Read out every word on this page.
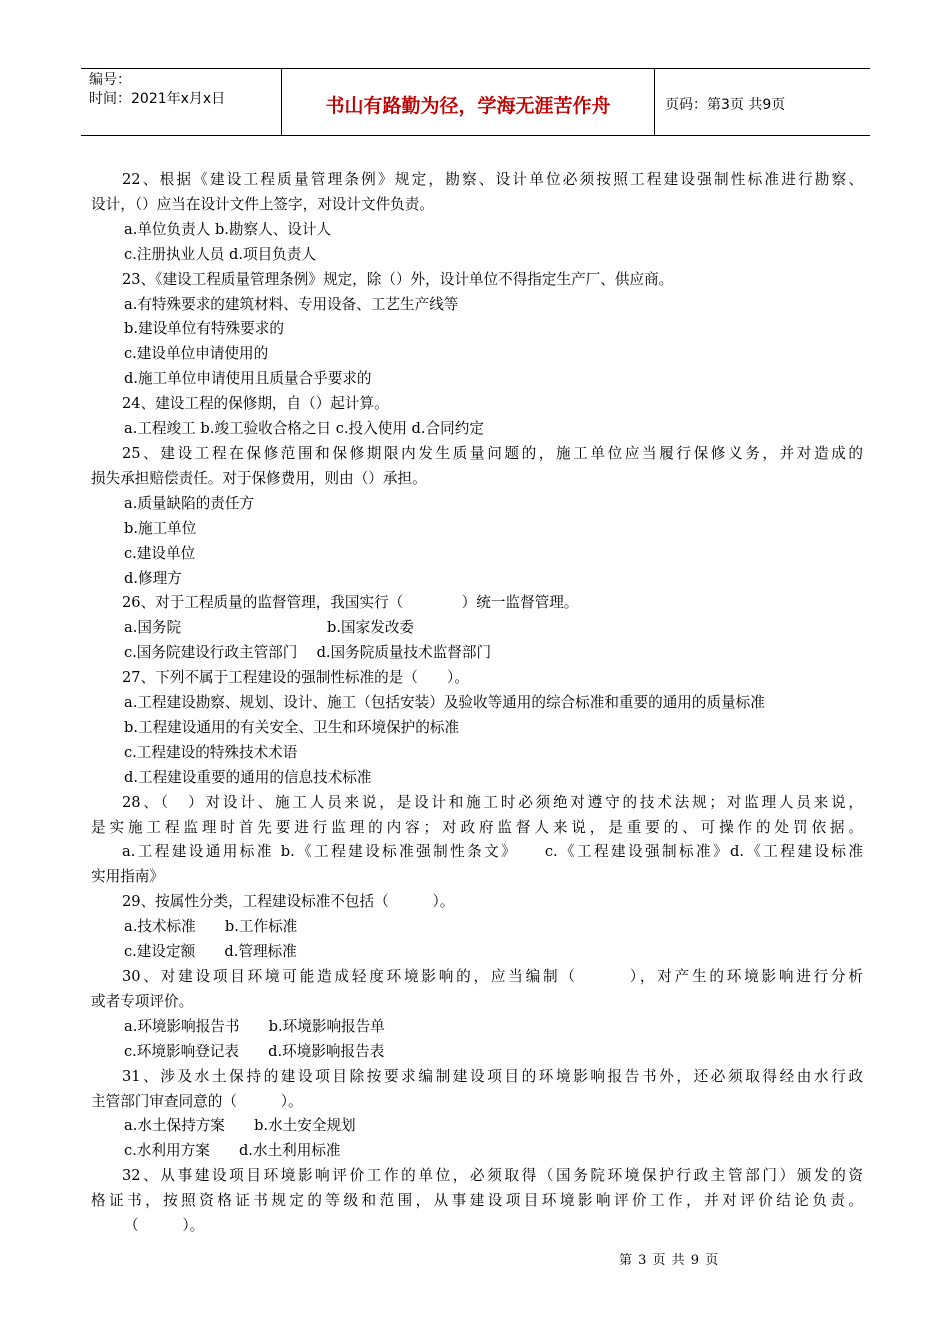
编号：
时间：2021年x月x日	书山有路勤为径，学海无涯苦作舟	页码：第3页 共9页
22、根据《建设工程质量管理条例》规定，勘察、设计单位必须按照工程建设强制性标准进行勘察、
设计，（）应当在设计文件上签字，对设计文件负责。
a.单位负责人 b.勘察人、设计人
c.注册执业人员 d.项目负责人
23、《建设工程质量管理条例》规定，除（）外，设计单位不得指定生产厂、供应商。
a.有特殊要求的建筑材料、专用设备、工艺生产线等
b.建设单位有特殊要求的
c.建设单位申请使用的
d.施工单位申请使用且质量合乎要求的
24、建设工程的保修期，自（）起计算。
a.工程竣工 b.竣工验收合格之日 c.投入使用 d.合同约定
25、建设工程在保修范围和保修期限内发生质量问题的，施工单位应当履行保修义务，并对造成的
损失承担赔偿责任。对于保修费用，则由（）承担。
a.质量缺陷的责任方
b.施工单位
c.建设单位
d.修理方
26、对于工程质量的监督管理，我国实行（　　　　）统一监督管理。
a.国务院　　　　　　　　　　b.国家发改委
c.国务院建设行政主管部门　 d.国务院质量技术监督部门
27、下列不属于工程建设的强制性标准的是（　　）。
a.工程建设勘察、规划、设计、施工（包括安装）及验收等通用的综合标准和重要的通用的质量标准
b.工程建设通用的有关安全、卫生和环境保护的标准
c.工程建设的特殊技术术语
d.工程建设重要的通用的信息技术标准
28、（　）对设计、施工人员来说，是设计和施工时必须绝对遵守的技术法规；对监理人员来说，
是实施工程监理时首先要进行监理的内容；对政府监督人来说，是重要的、可操作的处罚依据。
a.工程建设通用标准 b.《工程建设标准强制性条文》　　c.《工程建设强制标准》d.《工程建设标准
实用指南》
29、按属性分类，工程建设标准不包括（　　　）。
a.技术标准　　b.工作标准
c.建设定额　　d.管理标准
30、对建设项目环境可能造成轻度环境影响的，应当编制（　　　），对产生的环境影响进行分析
或者专项评价。
a.环境影响报告书　　b.环境影响报告单
c.环境影响登记表　　d.环境影响报告表
31、涉及水土保持的建设项目除按要求编制建设项目的环境影响报告书外，还必须取得经由水行政
主管部门审查同意的（　　　）。
a.水土保持方案　　b.水土安全规划
c.水利用方案　　d.水土利用标准
32、从事建设项目环境影响评价工作的单位，必须取得（国务院环境保护行政主管部门）颁发的资
格证书，按照资格证书规定的等级和范围，从事建设项目环境影响评价工作，并对评价结论负责。
（　　　）。
第 3 页 共 9 页
